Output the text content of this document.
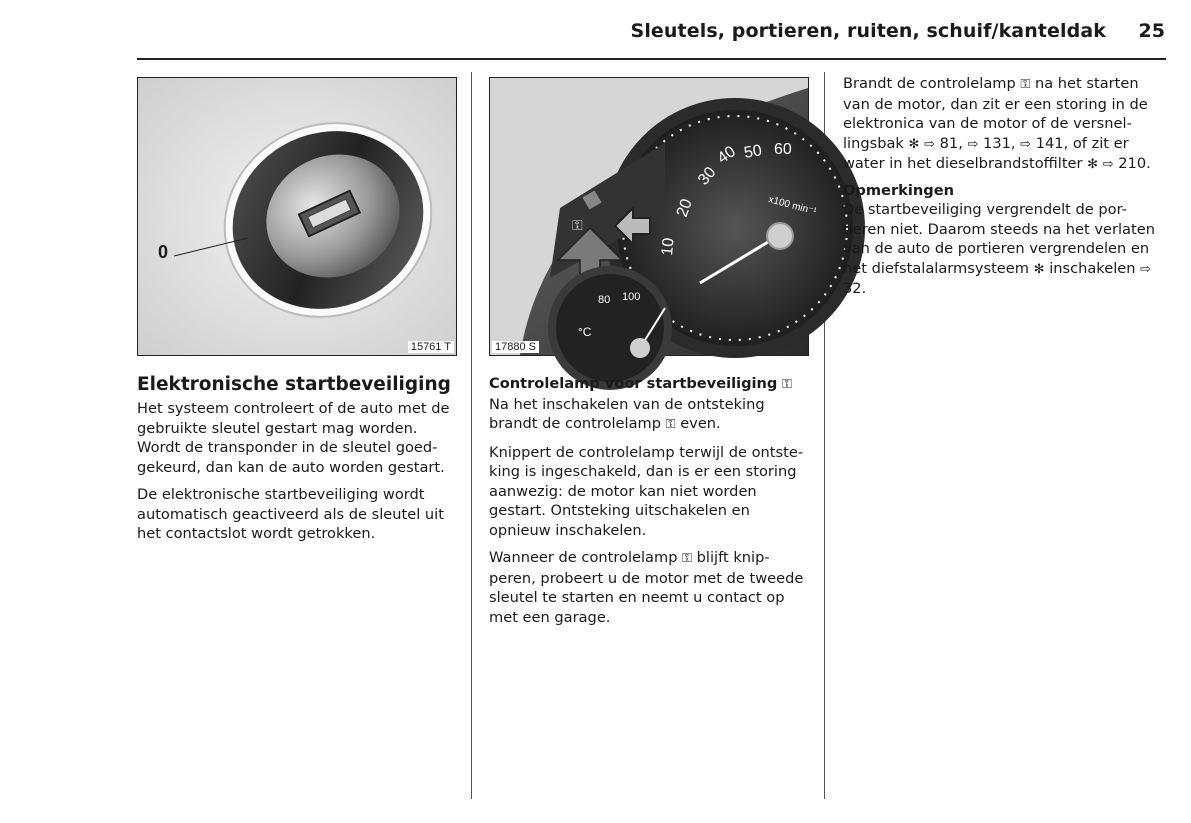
Sleutels, portieren, ruiten, schuif/kanteldak 25
0
15761 T
10
20
30
40 50 60
x100 min⁻¹
⚿
80 100
°C
17880 S
Elektronische startbeveiliging

Het systeem controleert of de auto met de gebruikte sleutel gestart mag worden. Wordt de transponder in de sleutel goed-gekeurd, dan kan de auto worden gestart.

De elektronische startbeveiliging wordt automatisch geactiveerd als de sleutel uit het contactslot wordt getrokken.

Controlelamp voor startbeveiliging ⚿

Na het inschakelen van de ontsteking brandt de controlelamp ⚿ even.

Knippert de controlelamp terwijl de ontste-king is ingeschakeld, dan is er een storing aanwezig: de motor kan niet worden gestart. Ontsteking uitschakelen en opnieuw inschakelen.

Wanneer de controlelamp ⚿ blijft knip-peren, probeert u de motor met de tweede sleutel te starten en neemt u contact op met een garage.

Brandt de controlelamp ⚿ na het starten van de motor, dan zit er een storing in de elektronica van de motor of de versnel-lingsbak ✻ ⇨ 81, ⇨ 131, ⇨ 141, of zit er water in het dieselbrandstoffilter ✻ ⇨ 210.

Opmerkingen

De startbeveiliging vergrendelt de por-tieren niet. Daarom steeds na het verlaten van de auto de portieren vergrendelen en het diefstalalarmsysteem ✻ inschakelen ⇨ 32.
